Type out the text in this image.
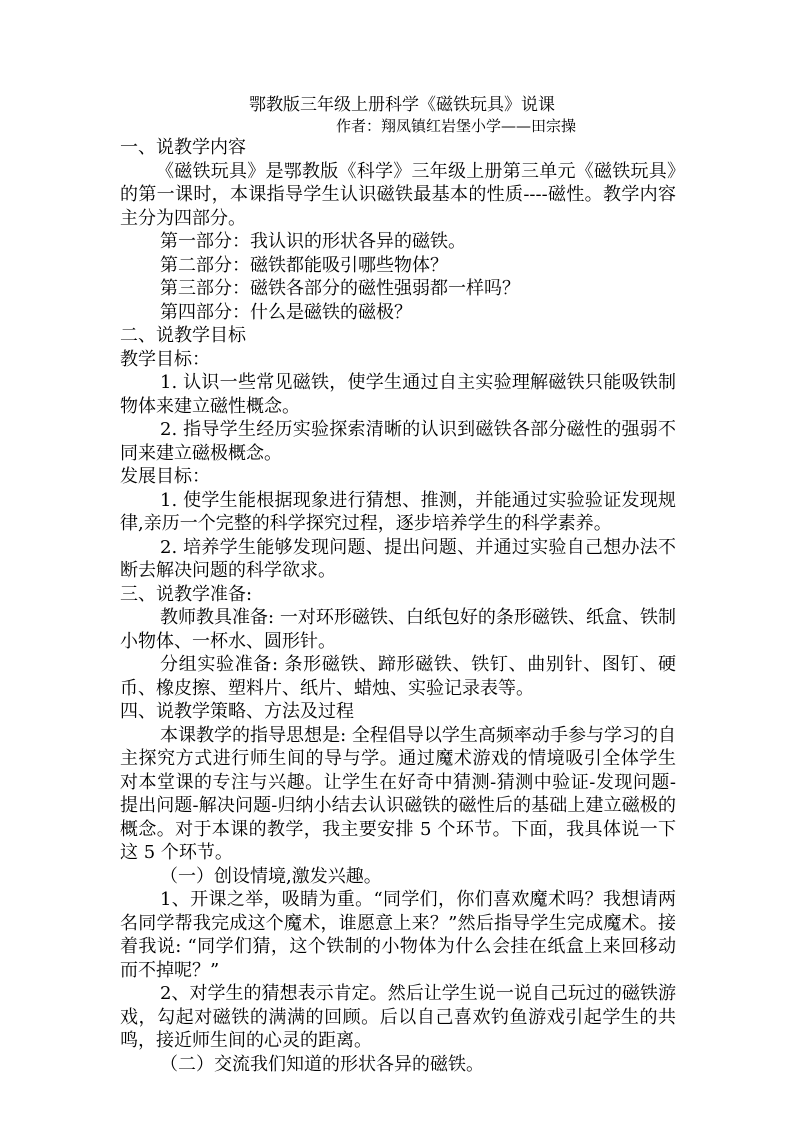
鄂教版三年级上册科学《磁铁玩具》说课
作者：翔凤镇红岩堡小学——田宗操

一、说教学内容

《磁铁玩具》是鄂教版《科学》三年级上册第三单元《磁铁玩具》的第一课时，本课指导学生认识磁铁最基本的性质----磁性。教学内容主分为四部分。

第一部分：我认识的形状各异的磁铁。

第二部分：磁铁都能吸引哪些物体？

第三部分：磁铁各部分的磁性强弱都一样吗？

第四部分：什么是磁铁的磁极？

二、说教学目标

教学目标：

1. 认识一些常见磁铁，使学生通过自主实验理解磁铁只能吸铁制物体来建立磁性概念。

2. 指导学生经历实验探索清晰的认识到磁铁各部分磁性的强弱不同来建立磁极概念。

发展目标：

1. 使学生能根据现象进行猜想、推测，并能通过实验验证发现规律,亲历一个完整的科学探究过程，逐步培养学生的科学素养。

2. 培养学生能够发现问题、提出问题、并通过实验自己想办法不断去解决问题的科学欲求。

三、说教学准备:

教师教具准备: 一对环形磁铁、白纸包好的条形磁铁、纸盒、铁制小物体、一杯水、圆形针。

分组实验准备: 条形磁铁、蹄形磁铁、铁钉、曲别针、图钉、硬币、橡皮擦、塑料片、纸片、蜡烛、实验记录表等。

四、说教学策略、方法及过程

本课教学的指导思想是: 全程倡导以学生高频率动手参与学习的自主探究方式进行师生间的导与学。通过魔术游戏的情境吸引全体学生对本堂课的专注与兴趣。让学生在好奇中猜测-猜测中验证-发现问题-提出问题-解决问题-归纳小结去认识磁铁的磁性后的基础上建立磁极的概念。对于本课的教学，我主要安排 5 个环节。下面，我具体说一下这 5 个环节。

（一）创设情境,激发兴趣。

1、开课之举，吸睛为重。“同学们，你们喜欢魔术吗？我想请两名同学帮我完成这个魔术，谁愿意上来？”然后指导学生完成魔术。接着我说: “同学们猜，这个铁制的小物体为什么会挂在纸盒上来回移动而不掉呢？”

2、对学生的猜想表示肯定。然后让学生说一说自己玩过的磁铁游戏，勾起对磁铁的满满的回顾。后以自己喜欢钓鱼游戏引起学生的共鸣，接近师生间的心灵的距离。

（二）交流我们知道的形状各异的磁铁。
